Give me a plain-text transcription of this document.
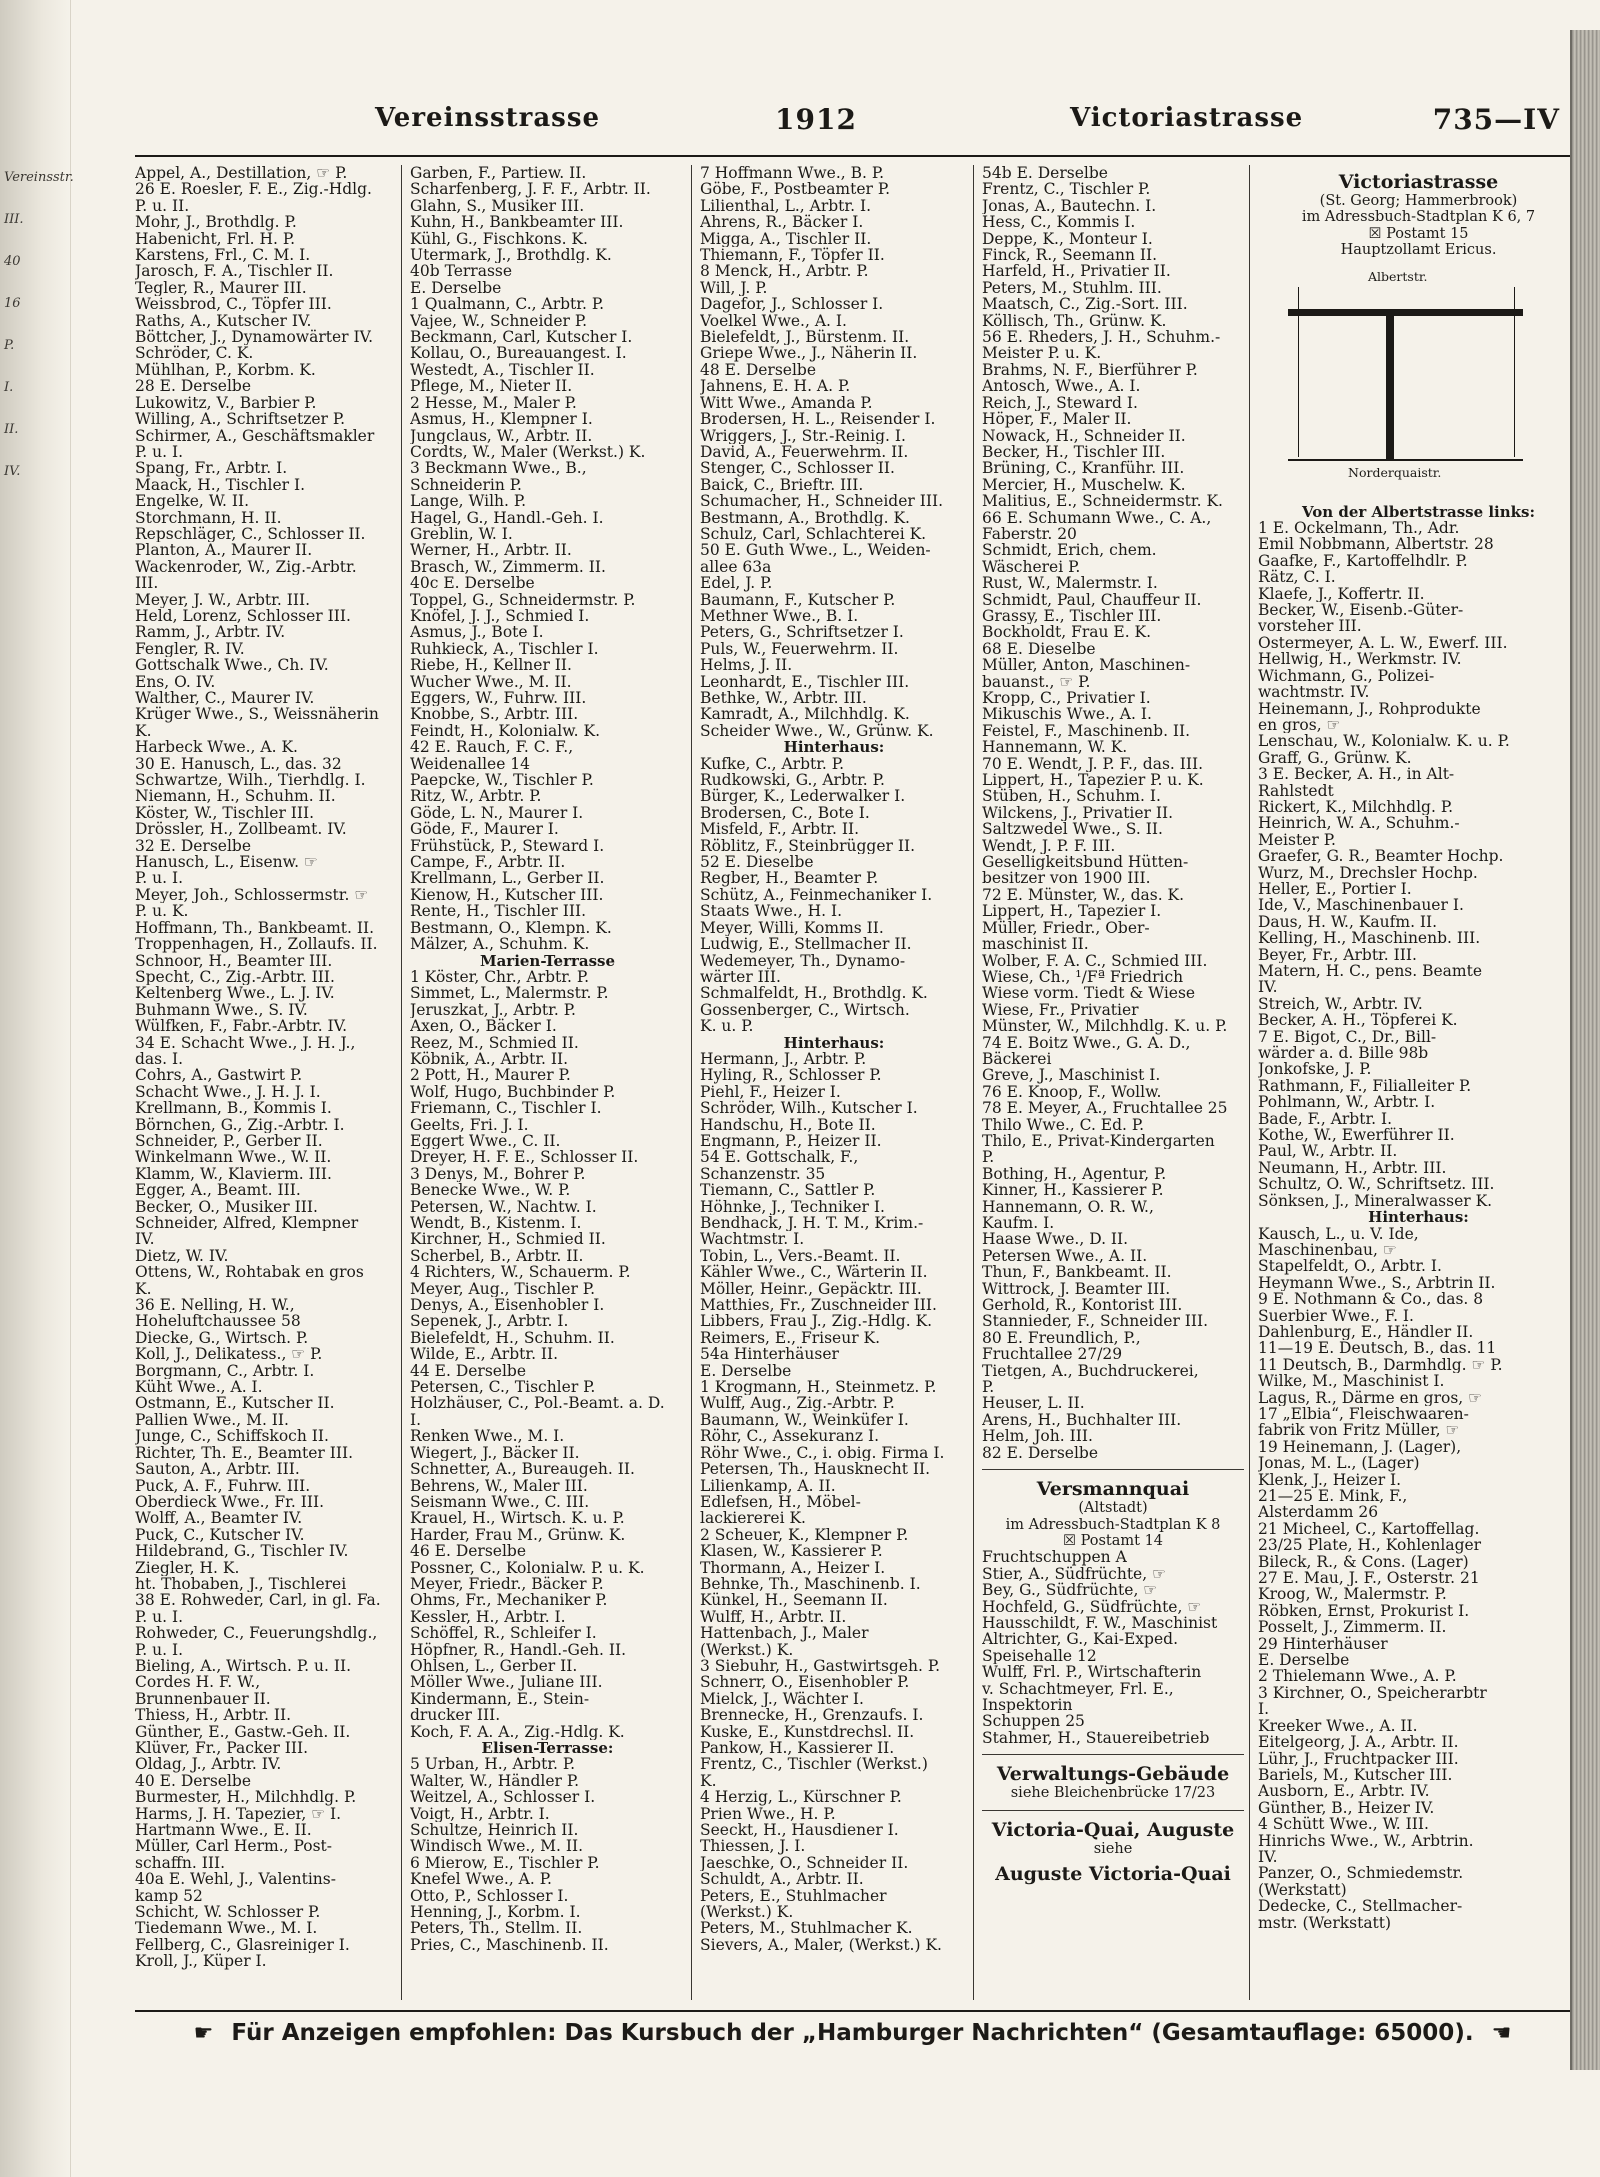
Vereinsstr.
III.
40
16
P.
I.
II.
IV.
Vereinsstrasse	1912	Victoriastrasse	735—IV
Appel, A., Destillation, ☞ P.
26 E. Roesler, F. E., Zig.-Hdlg.
P. u. II.
Mohr, J., Brothdlg. P.
Habenicht, Frl. H. P.
Karstens, Frl., C. M. I.
Jarosch, F. A., Tischler II.
Tegler, R., Maurer III.
Weissbrod, C., Töpfer III.
Raths, A., Kutscher IV.
Böttcher, J., Dynamowärter IV.
Schröder, C. K.
Mühlhan, P., Korbm. K.
28 E. Derselbe
Lukowitz, V., Barbier P.
Willing, A., Schriftsetzer P.
Schirmer, A., Geschäftsmakler
P. u. I.
Spang, Fr., Arbtr. I.
Maack, H., Tischler I.
Engelke, W. II.
Storchmann, H. II.
Repschläger, C., Schlosser II.
Planton, A., Maurer II.
Wackenroder, W., Zig.-Arbtr.
III.
Meyer, J. W., Arbtr. III.
Held, Lorenz, Schlosser III.
Ramm, J., Arbtr. IV.
Fengler, R. IV.
Gottschalk Wwe., Ch. IV.
Ens, O. IV.
Walther, C., Maurer IV.
Krüger Wwe., S., Weissnäherin
K.
Harbeck Wwe., A. K.
30 E. Hanusch, L., das. 32
Schwartze, Wilh., Tierhdlg. I.
Niemann, H., Schuhm. II.
Köster, W., Tischler III.
Drössler, H., Zollbeamt. IV.
32 E. Derselbe
Hanusch, L., Eisenw. ☞
P. u. I.
Meyer, Joh., Schlossermstr. ☞
P. u. K.
Hoffmann, Th., Bankbeamt. II.
Troppenhagen, H., Zollaufs. II.
Schnoor, H., Beamter III.
Specht, C., Zig.-Arbtr. III.
Keltenberg Wwe., L. J. IV.
Buhmann Wwe., S. IV.
Wülfken, F., Fabr.-Arbtr. IV.
34 E. Schacht Wwe., J. H. J.,
das. I.
Cohrs, A., Gastwirt P.
Schacht Wwe., J. H. J. I.
Krellmann, B., Kommis I.
Börnchen, G., Zig.-Arbtr. I.
Schneider, P., Gerber II.
Winkelmann Wwe., W. II.
Klamm, W., Klavierm. III.
Egger, A., Beamt. III.
Becker, O., Musiker III.
Schneider, Alfred, Klempner
IV.
Dietz, W. IV.
Ottens, W., Rohtabak en gros
K.
36 E. Nelling, H. W.,
Hoheluftchaussee 58
Diecke, G., Wirtsch. P.
Koll, J., Delikatess., ☞ P.
Borgmann, C., Arbtr. I.
Küht Wwe., A. I.
Ostmann, E., Kutscher II.
Pallien Wwe., M. II.
Junge, C., Schiffskoch II.
Richter, Th. E., Beamter III.
Sauton, A., Arbtr. III.
Puck, A. F., Fuhrw. III.
Oberdieck Wwe., Fr. III.
Wolff, A., Beamter IV.
Puck, C., Kutscher IV.
Hildebrand, G., Tischler IV.
Ziegler, H. K.
ht. Thobaben, J., Tischlerei
38 E. Rohweder, Carl, in gl. Fa.
P. u. I.
Rohweder, C., Feuerungshdlg.,
P. u. I.
Bieling, A., Wirtsch. P. u. II.
Cordes H. F. W.,
Brunnenbauer II.
Thiess, H., Arbtr. II.
Günther, E., Gastw.-Geh. II.
Klüver, Fr., Packer III.
Oldag, J., Arbtr. IV.
40 E. Derselbe
Burmester, H., Milchhdlg. P.
Harms, J. H. Tapezier, ☞ I.
Hartmann Wwe., E. II.
Müller, Carl Herm., Post-
schaffn. III.
40a E. Wehl, J., Valentins-
kamp 52
Schicht, W. Schlosser P.
Tiedemann Wwe., M. I.
Fellberg, C., Glasreiniger I.
Kroll, J., Küper I.
Garben, F., Partiew. II.
Scharfenberg, J. F. F., Arbtr. II.
Glahn, S., Musiker III.
Kuhn, H., Bankbeamter III.
Kühl, G., Fischkons. K.
Utermark, J., Brothdlg. K.
40b Terrasse
E. Derselbe
1 Qualmann, C., Arbtr. P.
Vajee, W., Schneider P.
Beckmann, Carl, Kutscher I.
Kollau, O., Bureauangest. I.
Westedt, A., Tischler II.
Pflege, M., Nieter II.
2 Hesse, M., Maler P.
Asmus, H., Klempner I.
Jungclaus, W., Arbtr. II.
Cordts, W., Maler (Werkst.) K.
3 Beckmann Wwe., B.,
Schneiderin P.
Lange, Wilh. P.
Hagel, G., Handl.-Geh. I.
Greblin, W. I.
Werner, H., Arbtr. II.
Brasch, W., Zimmerm. II.
40c E. Derselbe
Toppel, G., Schneidermstr. P.
Knöfel, J. J., Schmied I.
Asmus, J., Bote I.
Ruhkieck, A., Tischler I.
Riebe, H., Kellner II.
Wucher Wwe., M. II.
Eggers, W., Fuhrw. III.
Knobbe, S., Arbtr. III.
Feindt, H., Kolonialw. K.
42 E. Rauch, F. C. F.,
Weidenallee 14
Paepcke, W., Tischler P.
Ritz, W., Arbtr. P.
Göde, L. N., Maurer I.
Göde, F., Maurer I.
Frühstück, P., Steward I.
Campe, F., Arbtr. II.
Krellmann, L., Gerber II.
Kienow, H., Kutscher III.
Rente, H., Tischler III.
Bestmann, O., Klempn. K.
Mälzer, A., Schuhm. K.
Marien-Terrasse
1 Köster, Chr., Arbtr. P.
Simmet, L., Malermstr. P.
Jeruszkat, J., Arbtr. P.
Axen, O., Bäcker I.
Reez, M., Schmied II.
Köbnik, A., Arbtr. II.
2 Pott, H., Maurer P.
Wolf, Hugo, Buchbinder P.
Friemann, C., Tischler I.
Geelts, Fri. J. I.
Eggert Wwe., C. II.
Dreyer, H. F. E., Schlosser II.
3 Denys, M., Bohrer P.
Benecke Wwe., W. P.
Petersen, W., Nachtw. I.
Wendt, B., Kistenm. I.
Kirchner, H., Schmied II.
Scherbel, B., Arbtr. II.
4 Richters, W., Schauerm. P.
Meyer, Aug., Tischler P.
Denys, A., Eisenhobler I.
Sepenek, J., Arbtr. I.
Bielefeldt, H., Schuhm. II.
Wilde, E., Arbtr. II.
44 E. Derselbe
Petersen, C., Tischler P.
Holzhäuser, C., Pol.-Beamt. a. D.
I.
Renken Wwe., M. I.
Wiegert, J., Bäcker II.
Schnetter, A., Bureaugeh. II.
Behrens, W., Maler III.
Seismann Wwe., C. III.
Krauel, H., Wirtsch. K. u. P.
Harder, Frau M., Grünw. K.
46 E. Derselbe
Possner, C., Kolonialw. P. u. K.
Meyer, Friedr., Bäcker P.
Ohms, Fr., Mechaniker P.
Kessler, H., Arbtr. I.
Schöffel, R., Schleifer I.
Höpfner, R., Handl.-Geh. II.
Ohlsen, L., Gerber II.
Möller Wwe., Juliane III.
Kindermann, E., Stein-
drucker III.
Koch, F. A. A., Zig.-Hdlg. K.
Elisen-Terrasse:
5 Urban, H., Arbtr. P.
Walter, W., Händler P.
Weitzel, A., Schlosser I.
Voigt, H., Arbtr. I.
Schultze, Heinrich II.
Windisch Wwe., M. II.
6 Mierow, E., Tischler P.
Knefel Wwe., A. P.
Otto, P., Schlosser I.
Henning, J., Korbm. I.
Peters, Th., Stellm. II.
Pries, C., Maschinenb. II.
7 Hoffmann Wwe., B. P.
Göbe, F., Postbeamter P.
Lilienthal, L., Arbtr. I.
Ahrens, R., Bäcker I.
Migga, A., Tischler II.
Thiemann, F., Töpfer II.
8 Menck, H., Arbtr. P.
Will, J. P.
Dagefor, J., Schlosser I.
Voelkel Wwe., A. I.
Bielefeldt, J., Bürstenm. II.
Griepe Wwe., J., Näherin II.
48 E. Derselbe
Jahnens, E. H. A. P.
Witt Wwe., Amanda P.
Brodersen, H. L., Reisender I.
Wriggers, J., Str.-Reinig. I.
David, A., Feuerwehrm. II.
Stenger, C., Schlosser II.
Baick, C., Brieftr. III.
Schumacher, H., Schneider III.
Bestmann, A., Brothdlg. K.
Schulz, Carl, Schlachterei K.
50 E. Guth Wwe., L., Weiden-
allee 63a
Edel, J. P.
Baumann, F., Kutscher P.
Methner Wwe., B. I.
Peters, G., Schriftsetzer I.
Puls, W., Feuerwehrm. II.
Helms, J. II.
Leonhardt, E., Tischler III.
Bethke, W., Arbtr. III.
Kamradt, A., Milchhdlg. K.
Scheider Wwe., W., Grünw. K.
Hinterhaus:
Kufke, C., Arbtr. P.
Rudkowski, G., Arbtr. P.
Bürger, K., Lederwalker I.
Brodersen, C., Bote I.
Misfeld, F., Arbtr. II.
Röblitz, F., Steinbrügger II.
52 E. Dieselbe
Regber, H., Beamter P.
Schütz, A., Feinmechaniker I.
Staats Wwe., H. I.
Meyer, Willi, Komms II.
Ludwig, E., Stellmacher II.
Wedemeyer, Th., Dynamo-
wärter III.
Schmalfeldt, H., Brothdlg. K.
Gossenberger, C., Wirtsch.
K. u. P.
Hinterhaus:
Hermann, J., Arbtr. P.
Hyling, R., Schlosser P.
Piehl, F., Heizer I.
Schröder, Wilh., Kutscher I.
Handschu, H., Bote II.
Engmann, P., Heizer II.
54 E. Gottschalk, F.,
Schanzenstr. 35
Tiemann, C., Sattler P.
Höhnke, J., Techniker I.
Bendhack, J. H. T. M., Krim.-
Wachtmstr. I.
Tobin, L., Vers.-Beamt. II.
Kähler Wwe., C., Wärterin II.
Möller, Heinr., Gepäcktr. III.
Matthies, Fr., Zuschneider III.
Libbers, Frau J., Zig.-Hdlg. K.
Reimers, E., Friseur K.
54a Hinterhäuser
E. Derselbe
1 Krogmann, H., Steinmetz. P.
Wulff, Aug., Zig.-Arbtr. P.
Baumann, W., Weinküfer I.
Röhr, C., Assekuranz I.
Röhr Wwe., C., i. obig. Firma I.
Petersen, Th., Hausknecht II.
Lilienkamp, A. II.
Edlefsen, H., Möbel-
lackiererei K.
2 Scheuer, K., Klempner P.
Klasen, W., Kassierer P.
Thormann, A., Heizer I.
Behnke, Th., Maschinenb. I.
Künkel, H., Seemann II.
Wulff, H., Arbtr. II.
Hattenbach, J., Maler
(Werkst.) K.
3 Siebuhr, H., Gastwirtsgeh. P.
Schnerr, O., Eisenhobler P.
Mielck, J., Wächter I.
Brennecke, H., Grenzaufs. I.
Kuske, E., Kunstdrechsl. II.
Pankow, H., Kassierer II.
Frentz, C., Tischler (Werkst.)
K.
4 Herzig, L., Kürschner P.
Prien Wwe., H. P.
Seeckt, H., Hausdiener I.
Thiessen, J. I.
Jaeschke, O., Schneider II.
Schuldt, A., Arbtr. II.
Peters, E., Stuhlmacher
(Werkst.) K.
Peters, M., Stuhlmacher K.
Sievers, A., Maler, (Werkst.) K.
54b E. Derselbe
Frentz, C., Tischler P.
Jonas, A., Bautechn. I.
Hess, C., Kommis I.
Deppe, K., Monteur I.
Finck, R., Seemann II.
Harfeld, H., Privatier II.
Peters, M., Stuhlm. III.
Maatsch, C., Zig.-Sort. III.
Köllisch, Th., Grünw. K.
56 E. Rheders, J. H., Schuhm.-
Meister P. u. K.
Brahms, N. F., Bierführer P.
Antosch, Wwe., A. I.
Reich, J., Steward I.
Höper, F., Maler II.
Nowack, H., Schneider II.
Becker, H., Tischler III.
Brüning, C., Kranführ. III.
Mercier, H., Muschelw. K.
Malitius, E., Schneidermstr. K.
66 E. Schumann Wwe., C. A.,
Faberstr. 20
Schmidt, Erich, chem.
Wäscherei P.
Rust, W., Malermstr. I.
Schmidt, Paul, Chauffeur II.
Grassy, E., Tischler III.
Bockholdt, Frau E. K.
68 E. Dieselbe
Müller, Anton, Maschinen-
bauanst., ☞ P.
Kropp, C., Privatier I.
Mikuschis Wwe., A. I.
Feistel, F., Maschinenb. II.
Hannemann, W. K.
70 E. Wendt, J. P. F., das. III.
Lippert, H., Tapezier P. u. K.
Stüben, H., Schuhm. I.
Wilckens, J., Privatier II.
Saltzwedel Wwe., S. II.
Wendt, J. P. F. III.
Geselligkeitsbund Hütten-
besitzer von 1900 III.
72 E. Münster, W., das. K.
Lippert, H., Tapezier I.
Müller, Friedr., Ober-
maschinist II.
Wolber, F. A. C., Schmied III.
Wiese, Ch., ¹/Fª Friedrich
Wiese vorm. Tiedt & Wiese
Wiese, Fr., Privatier
Münster, W., Milchhdlg. K. u. P.
74 E. Boitz Wwe., G. A. D.,
Bäckerei
Greve, J., Maschinist I.
76 E. Knoop, F., Wollw.
78 E. Meyer, A., Fruchtallee 25
Thilo Wwe., C. Ed. P.
Thilo, E., Privat-Kindergarten
P.
Bothing, H., Agentur, P.
Kinner, H., Kassierer P.
Hannemann, O. R. W.,
Kaufm. I.
Haase Wwe., D. II.
Petersen Wwe., A. II.
Thun, F., Bankbeamt. II.
Wittrock, J. Beamter III.
Gerhold, R., Kontorist III.
Stannieder, F., Schneider III.
80 E. Freundlich, P.,
Fruchtallee 27/29
Tietgen, A., Buchdruckerei,
P.
Heuser, L. II.
Arens, H., Buchhalter III.
Helm, Joh. III.
82 E. Derselbe
Versmannquai
(Altstadt)
im Adressbuch-Stadtplan K 8
☒ Postamt 14
Fruchtschuppen A
Stier, A., Südfrüchte, ☞
Bey, G., Südfrüchte, ☞
Hochfeld, G., Südfrüchte, ☞
Hausschildt, F. W., Maschinist
Altrichter, G., Kai-Exped.
Speisehalle 12
Wulff, Frl. P., Wirtschafterin
v. Schachtmeyer, Frl. E.,
Inspektorin
Schuppen 25
Stahmer, H., Stauereibetrieb
Verwaltungs-Gebäude
siehe Bleichenbrücke 17/23
Victoria-Quai, Auguste
siehe
Auguste Victoria-Quai
Victoriastrasse
(St. Georg; Hammerbrook)
im Adressbuch-Stadtplan K 6, 7
☒ Postamt 15
Hauptzollamt Ericus.
Albertstr.
Norderquaistr.
Von der Albertstrasse links:
1 E. Ockelmann, Th., Adr.
Emil Nobbmann, Albertstr. 28
Gaafke, F., Kartoffelhdlr. P.
Rätz, C. I.
Klaefe, J., Koffertr. II.
Becker, W., Eisenb.-Güter-
vorsteher III.
Ostermeyer, A. L. W., Ewerf. III.
Hellwig, H., Werkmstr. IV.
Wichmann, G., Polizei-
wachtmstr. IV.
Heinemann, J., Rohprodukte
en gros, ☞
Lenschau, W., Kolonialw. K. u. P.
Graff, G., Grünw. K.
3 E. Becker, A. H., in Alt-
Rahlstedt
Rickert, K., Milchhdlg. P.
Heinrich, W. A., Schuhm.-
Meister P.
Graefer, G. R., Beamter Hochp.
Wurz, M., Drechsler Hochp.
Heller, E., Portier I.
Ide, V., Maschinenbauer I.
Daus, H. W., Kaufm. II.
Kelling, H., Maschinenb. III.
Beyer, Fr., Arbtr. III.
Matern, H. C., pens. Beamte
IV.
Streich, W., Arbtr. IV.
Becker, A. H., Töpferei K.
7 E. Bigot, C., Dr., Bill-
wärder a. d. Bille 98b
Jonkofske, J. P.
Rathmann, F., Filialleiter P.
Pohlmann, W., Arbtr. I.
Bade, F., Arbtr. I.
Kothe, W., Ewerführer II.
Paul, W., Arbtr. II.
Neumann, H., Arbtr. III.
Schultz, O. W., Schriftsetz. III.
Sönksen, J., Mineralwasser K.
Hinterhaus:
Kausch, L., u. V. Ide,
Maschinenbau, ☞
Stapelfeldt, O., Arbtr. I.
Heymann Wwe., S., Arbtrin II.
9 E. Nothmann & Co., das. 8
Suerbier Wwe., F. I.
Dahlenburg, E., Händler II.
11—19 E. Deutsch, B., das. 11
11 Deutsch, B., Darmhdlg. ☞ P.
Wilke, M., Maschinist I.
Lagus, R., Därme en gros, ☞
17 „Elbia“, Fleischwaaren-
fabrik von Fritz Müller, ☞
19 Heinemann, J. (Lager),
Jonas, M. L., (Lager)
Klenk, J., Heizer I.
21—25 E. Mink, F.,
Alsterdamm 26
21 Micheel, C., Kartoffellag.
23/25 Plate, H., Kohlenlager
Bileck, R., & Cons. (Lager)
27 E. Mau, J. F., Osterstr. 21
Kroog, W., Malermstr. P.
Röbken, Ernst, Prokurist I.
Posselt, J., Zimmerm. II.
29 Hinterhäuser
E. Derselbe
2 Thielemann Wwe., A. P.
3 Kirchner, O., Speicherarbtr
I.
Kreeker Wwe., A. II.
Eitelgeorg, J. A., Arbtr. II.
Lühr, J., Fruchtpacker III.
Bariels, M., Kutscher III.
Ausborn, E., Arbtr. IV.
Günther, B., Heizer IV.
4 Schütt Wwe., W. III.
Hinrichs Wwe., W., Arbtrin.
IV.
Panzer, O., Schmiedemstr.
(Werkstatt)
Dedecke, C., Stellmacher-
mstr. (Werkstatt)
☛ Für Anzeigen empfohlen: Das Kursbuch der „Hamburger Nachrichten“ (Gesamtauflage: 65000). ☚
